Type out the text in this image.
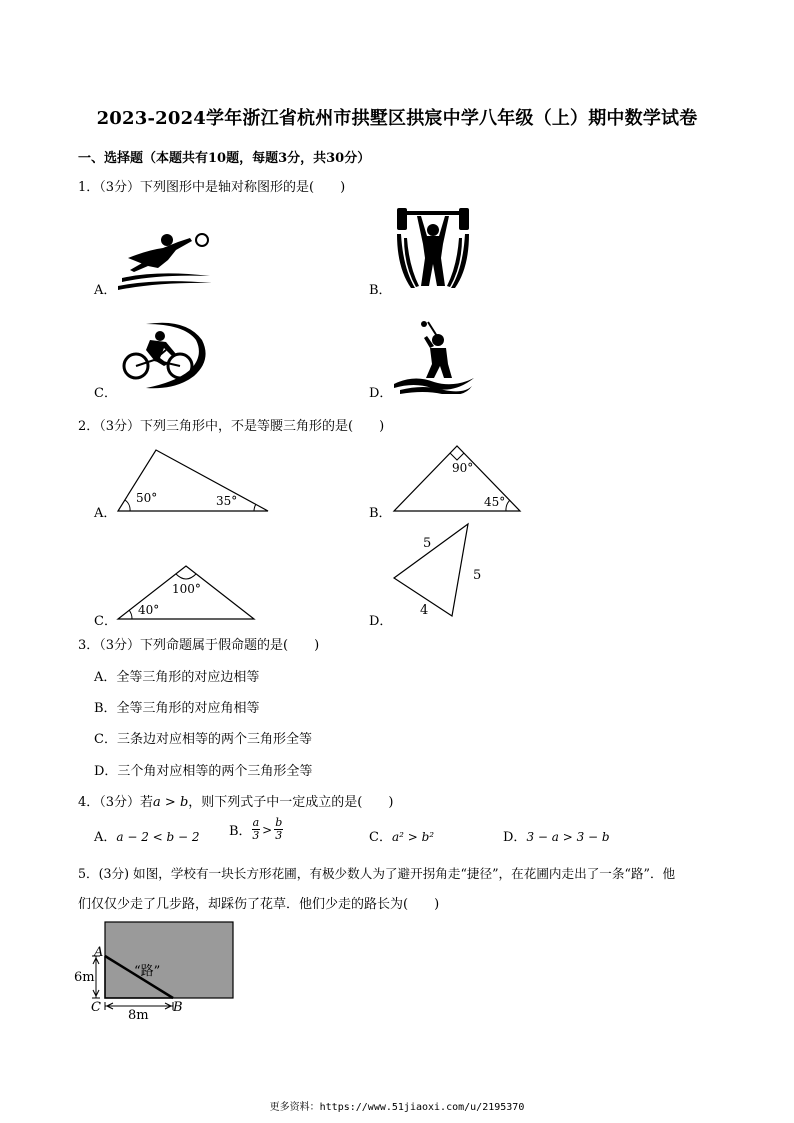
2023-2024学年浙江省杭州市拱墅区拱宸中学八年级（上）期中数学试卷
一、选择题（本题共有10题，每题3分，共30分）
1．（3分）下列图形中是轴对称图形的是(　　)
A．	B．
C．	D．
2．（3分）下列三角形中，不是等腰三角形的是(　　)
A．
50°	35°
B．
90°
45°
C．
100°
40°
D．
5
5
4
3．（3分）下列命题属于假命题的是(　　)
A．全等三角形的对应边相等
B．全等三角形的对应角相等
C．三条边对应相等的两个三角形全等
D．三个角对应相等的两个三角形全等
4．（3分）若a > b，则下列式子中一定成立的是(　　)
A．a − 2 < b − 2 B． $\frac{a}{3} > \frac{b}{3}$	C．a² > b²	D．3 − a > 3 − b
5．(3分) 如图，学校有一块长方形花圃，有极少数人为了避开拐角走“捷径”，在花圃内走出了一条“路”．他
们仅仅少走了几步路，却踩伤了花草．他们少走的路长为(　　)
A
“路”
6m
C	B
8m
更多资料：https://www.51jiaoxi.com/u/2195370
